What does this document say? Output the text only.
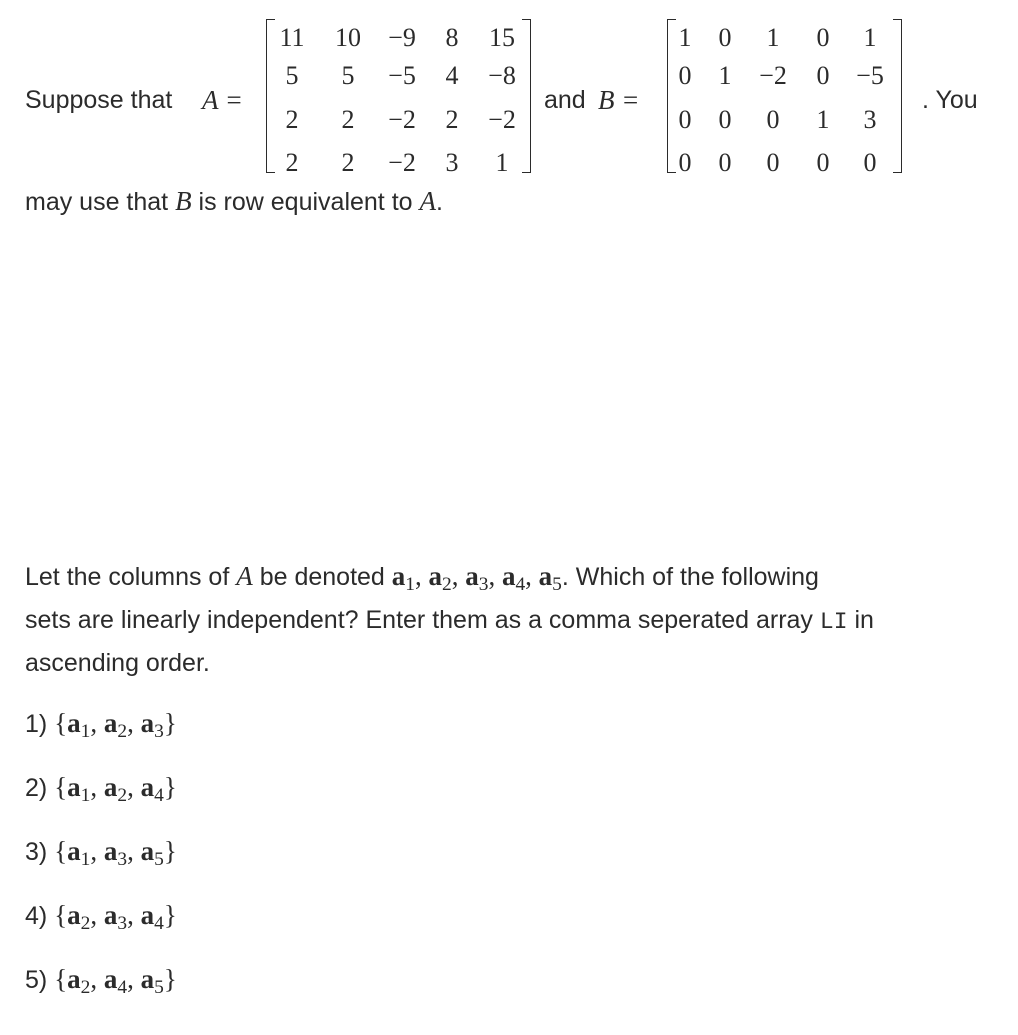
Suppose that A =
11	10	−9	8	15
5	5	−5	4	−8
2	2	−2	2	−2
2	2	−2	3	1
and B =
1	0	1	0	1
0	1	−2	0	−5
0	0	0	1	3
0	0	0	0	0
. You
may use that B is row equivalent to A.
Let the columns of A be denoted $a_1$, $a_2$, $a_3$, $a_4$, $a_5$. Which of the following
sets are linearly independent? Enter them as a comma seperated array LI in
ascending order.
1) {$a_1$, $a_2$, $a_3$}
2) {$a_1$, $a_2$, $a_4$}
3) {$a_1$, $a_3$, $a_5$}
4) {$a_2$, $a_3$, $a_4$}
5) {$a_2$, $a_4$, $a_5$}
